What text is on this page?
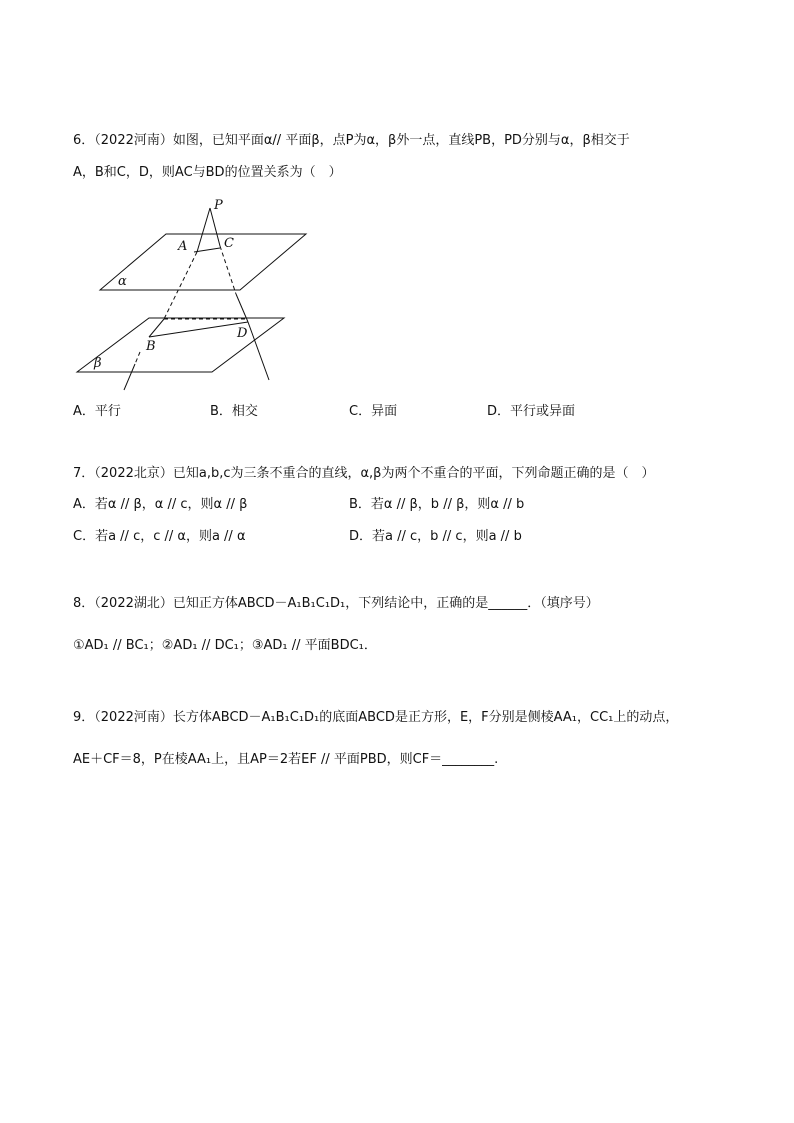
6．（2022河南）如图，已知平面α// 平面β，点P为α，β外一点，直线PB，PD分别与α，β相交于
A，B和C，D，则AC与BD的位置关系为（　）
P
A	C
α
B
D
β
A．平行	B．相交	C．异面	D．平行或异面
7．（2022北京）已知a,b,c为三条不重合的直线，α,β为两个不重合的平面，下列命题正确的是（　）
A．若α // β，α // c，则α // β	B．若α // β，b // β，则α // b
C．若a // c，c // α，则a // α	D．若a // c，b // c，则a // b
8．（2022湖北）已知正方体ABCD－A₁B₁C₁D₁，下列结论中，正确的是______．（填序号）
①AD₁ // BC₁；②AD₁ // DC₁；③AD₁ // 平面BDC₁．
9．（2022河南）长方体ABCD－A₁B₁C₁D₁的底面ABCD是正方形，E，F分别是侧棱AA₁，CC₁上的动点，
AE＋CF＝8，P在棱AA₁上，且AP＝2若EF // 平面PBD，则CF＝________.
